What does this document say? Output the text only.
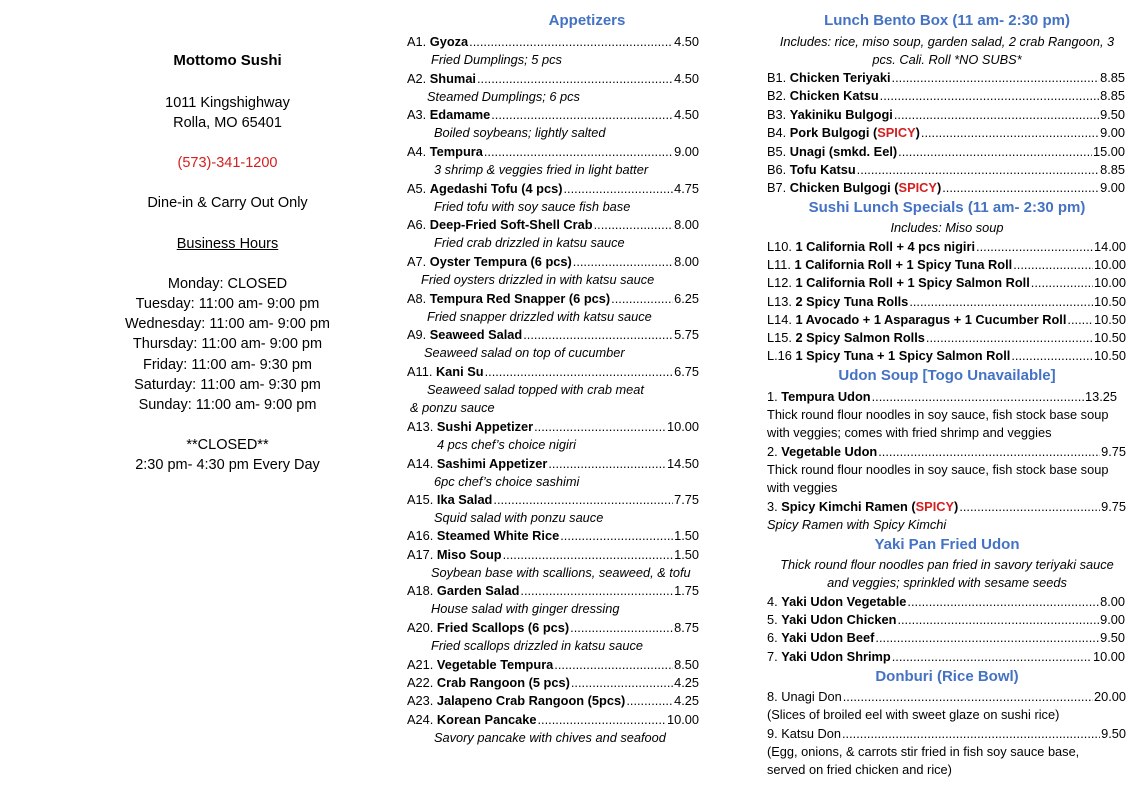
Mottomo Sushi
1011 Kingshighway
Rolla, MO 65401
(573)-341-1200
Dine-in & Carry Out Only
Business Hours
Monday: CLOSED
Tuesday: 11:00 am- 9:00 pm
Wednesday: 11:00 am- 9:00 pm
Thursday: 11:00 am- 9:00 pm
Friday: 11:00 am- 9:30 pm
Saturday: 11:00 am- 9:30 pm
Sunday: 11:00 am- 9:00 pm
**CLOSED**
2:30 pm- 4:30 pm Every Day
Appetizers
A1. Gyoza .....	4.50
Fried Dumplings; 5 pcs
A2. Shumai .....	4.50
Steamed Dumplings; 6 pcs
A3. Edamame .....	4.50
Boiled soybeans; lightly salted
A4. Tempura .....	9.00
3 shrimp & veggies fried in light batter
A5. Agedashi Tofu (4 pcs) .....	4.75
Fried tofu with soy sauce fish base
A6. Deep-Fried Soft-Shell Crab .....	8.00
Fried crab drizzled in katsu sauce
A7. Oyster Tempura (6 pcs) .....	8.00
Fried oysters drizzled in with katsu sauce
A8. Tempura Red Snapper (6 pcs) .....	6.25
Fried snapper drizzled with katsu sauce
A9. Seaweed Salad .....	5.75
Seaweed salad on top of cucumber
A11. Kani Su .....	6.75
Seaweed salad topped with crab meat
& ponzu sauce
A13. Sushi Appetizer .....	10.00
4 pcs chef’s choice nigiri
A14. Sashimi Appetizer .....	14.50
6pc chef’s choice sashimi
A15. Ika Salad .....	7.75
Squid salad with ponzu sauce
A16. Steamed White Rice .....	1.50
A17. Miso Soup .....	1.50
Soybean base with scallions, seaweed, & tofu
A18. Garden Salad .....	1.75
House salad with ginger dressing
A20. Fried Scallops (6 pcs) .....	8.75
Fried scallops drizzled in katsu sauce
A21. Vegetable Tempura .....	8.50
A22. Crab Rangoon (5 pcs) .....	4.25
A23. Jalapeno Crab Rangoon (5pcs) .....	4.25
A24. Korean Pancake .....	10.00
Savory pancake with chives and seafood
Lunch Bento Box (11 am- 2:30 pm)
Includes: rice, miso soup, garden salad, 2 crab Rangoon, 3
pcs. Cali. Roll *NO SUBS*
B1. Chicken Teriyaki .....	8.85
B2. Chicken Katsu .....	8.85
B3. Yakiniku Bulgogi .....	9.50
B4. Pork Bulgogi (SPICY) .....	9.00
B5. Unagi (smkd. Eel) .....	15.00
B6. Tofu Katsu .....	8.85
B7. Chicken Bulgogi (SPICY) .....	9.00
Sushi Lunch Specials (11 am- 2:30 pm)
Includes: Miso soup
L10. 1 California Roll + 4 pcs nigiri .....	14.00
L11. 1 California Roll + 1 Spicy Tuna Roll .....	10.00
L12. 1 California Roll + 1 Spicy Salmon Roll .....	10.00
L13. 2 Spicy Tuna Rolls .....	10.50
L14. 1 Avocado + 1 Asparagus + 1 Cucumber Roll ..... 10.50
L15. 2 Spicy Salmon Rolls .....	10.50
L.16 1 Spicy Tuna + 1 Spicy Salmon Roll .....	10.50
Udon Soup [Togo Unavailable]
1. Tempura Udon .....	13.25
Thick round flour noodles in soy sauce, fish stock base soup
with veggies; comes with fried shrimp and veggies
2. Vegetable Udon .....	9.75
Thick round flour noodles in soy sauce, fish stock base soup
with veggies
3. Spicy Kimchi Ramen (SPICY) .....	9.75
Spicy Ramen with Spicy Kimchi
Yaki Pan Fried Udon
Thick round flour noodles pan fried in savory teriyaki sauce
and veggies; sprinkled with sesame seeds
4. Yaki Udon Vegetable .....	8.00
5. Yaki Udon Chicken .....	9.00
6. Yaki Udon Beef .....	9.50
7. Yaki Udon Shrimp .....	10.00
Donburi (Rice Bowl)
8. Unagi Don .....	20.00
(Slices of broiled eel with sweet glaze on sushi rice)
9. Katsu Don .....	9.50
(Egg, onions, & carrots stir fried in fish soy sauce base,
served on fried chicken and rice)
